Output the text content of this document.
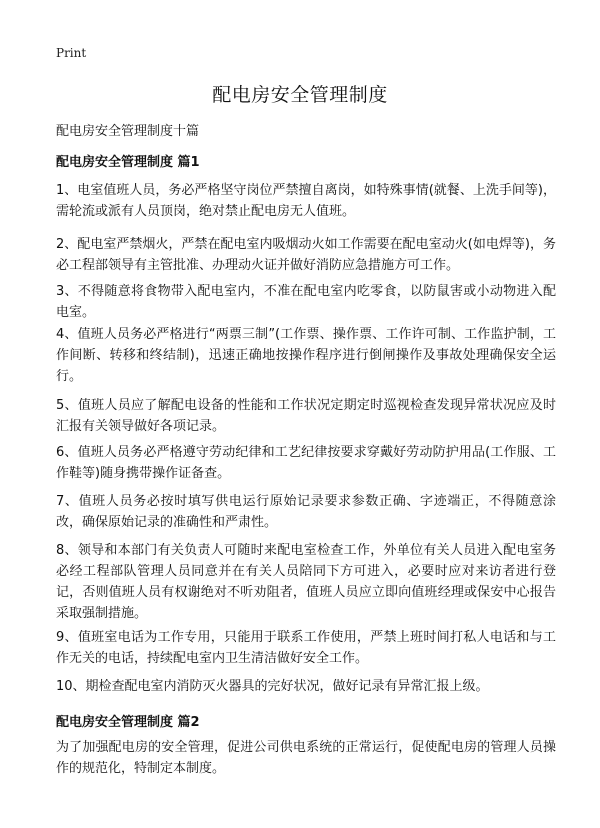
Print
配电房安全管理制度

配电房安全管理制度十篇

配电房安全管理制度 篇1

1、电室值班人员，务必严格坚守岗位严禁擅自离岗，如特殊事情(就餐、上洗手间等)，需轮流或派有人员顶岗，绝对禁止配电房无人值班。

2、配电室严禁烟火，严禁在配电室内吸烟动火如工作需要在配电室动火(如电焊等)，务必工程部领导有主管批准、办理动火证并做好消防应急措施方可工作。

3、不得随意将食物带入配电室内，不准在配电室内吃零食，以防鼠害或小动物进入配电室。

4、值班人员务必严格进行“两票三制”(工作票、操作票、工作许可制、工作监护制，工作间断、转移和终结制)，迅速正确地按操作程序进行倒闸操作及事故处理确保安全运行。

5、值班人员应了解配电设备的性能和工作状况定期定时巡视检查发现异常状况应及时汇报有关领导做好各项记录。

6、值班人员务必严格遵守劳动纪律和工艺纪律按要求穿戴好劳动防护用品(工作服、工作鞋等)随身携带操作证备查。

7、值班人员务必按时填写供电运行原始记录要求参数正确、字迹端正，不得随意涂改，确保原始记录的准确性和严肃性。

8、领导和本部门有关负责人可随时来配电室检查工作，外单位有关人员进入配电室务必经工程部队管理人员同意并在有关人员陪同下方可进入，必要时应对来访者进行登记，否则值班人员有权谢绝对不听劝阻者，值班人员应立即向值班经理或保安中心报告采取强制措施。

9、值班室电话为工作专用，只能用于联系工作使用，严禁上班时间打私人电话和与工作无关的电话，持续配电室内卫生清洁做好安全工作。

10、期检查配电室内消防灭火器具的完好状况，做好记录有异常汇报上级。

配电房安全管理制度 篇2

为了加强配电房的安全管理，促进公司供电系统的正常运行，促使配电房的管理人员操作的规范化，特制定本制度。
